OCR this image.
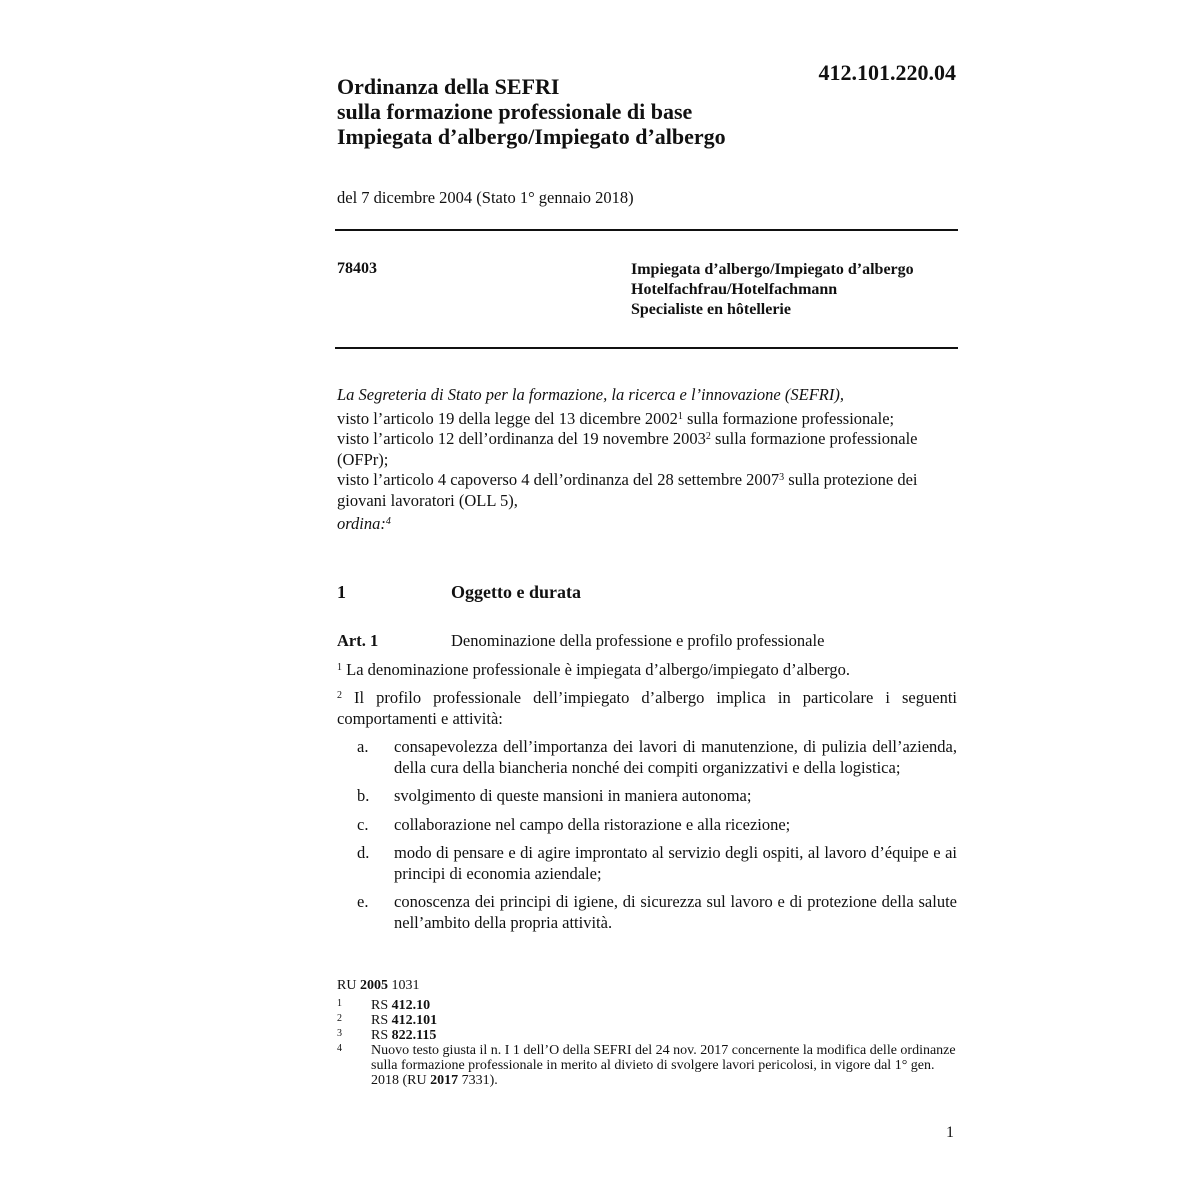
412.101.220.04
Ordinanza della SEFRI
sulla formazione professionale di base
Impiegata d’albergo/Impiegato d’albergo
del 7 dicembre 2004 (Stato 1° gennaio 2018)
78403	Impiegata d’albergo/Impiegato d’albergo
Hotelfachfrau/Hotelfachmann
Specialiste en hôtellerie
La Segreteria di Stato per la formazione, la ricerca e l’innovazione (SEFRI),
visto l’articolo 19 della legge del 13 dicembre 2002$^1$ sulla formazione professionale;
visto l’articolo 12 dell’ordinanza del 19 novembre 2003$^2$ sulla formazione professionale (OFPr);
visto l’articolo 4 capoverso 4 dell’ordinanza del 28 settembre 2007$^3$ sulla protezione dei giovani lavoratori (OLL 5),
ordina:$^4$
1	Oggetto e durata
Art. 1	Denominazione della professione e profilo professionale
$^1$ La denominazione professionale è impiegata d’albergo/impiegato d’albergo.
$^2$ Il profilo professionale dell’impiegato d’albergo implica in particolare i seguenti comportamenti e attività:
a.	consapevolezza dell’importanza dei lavori di manutenzione, di pulizia dell’azienda, della cura della biancheria nonché dei compiti organizzativi e della logistica;
b.	svolgimento di queste mansioni in maniera autonoma;
c.	collaborazione nel campo della ristorazione e alla ricezione;
d.	modo di pensare e di agire improntato al servizio degli ospiti, al lavoro d’équipe e ai principi di economia aziendale;
e.	conoscenza dei principi di igiene, di sicurezza sul lavoro e di protezione della salute nell’ambito della propria attività.
RU 2005 1031
1	RS 412.10
2	RS 412.101
3	RS 822.115
4	Nuovo testo giusta il n. I 1 dell’O della SEFRI del 24 nov. 2017 concernente la modifica delle ordinanze sulla formazione professionale in merito al divieto di svolgere lavori pericolosi, in vigore dal 1° gen. 2018 (RU 2017 7331).
1
